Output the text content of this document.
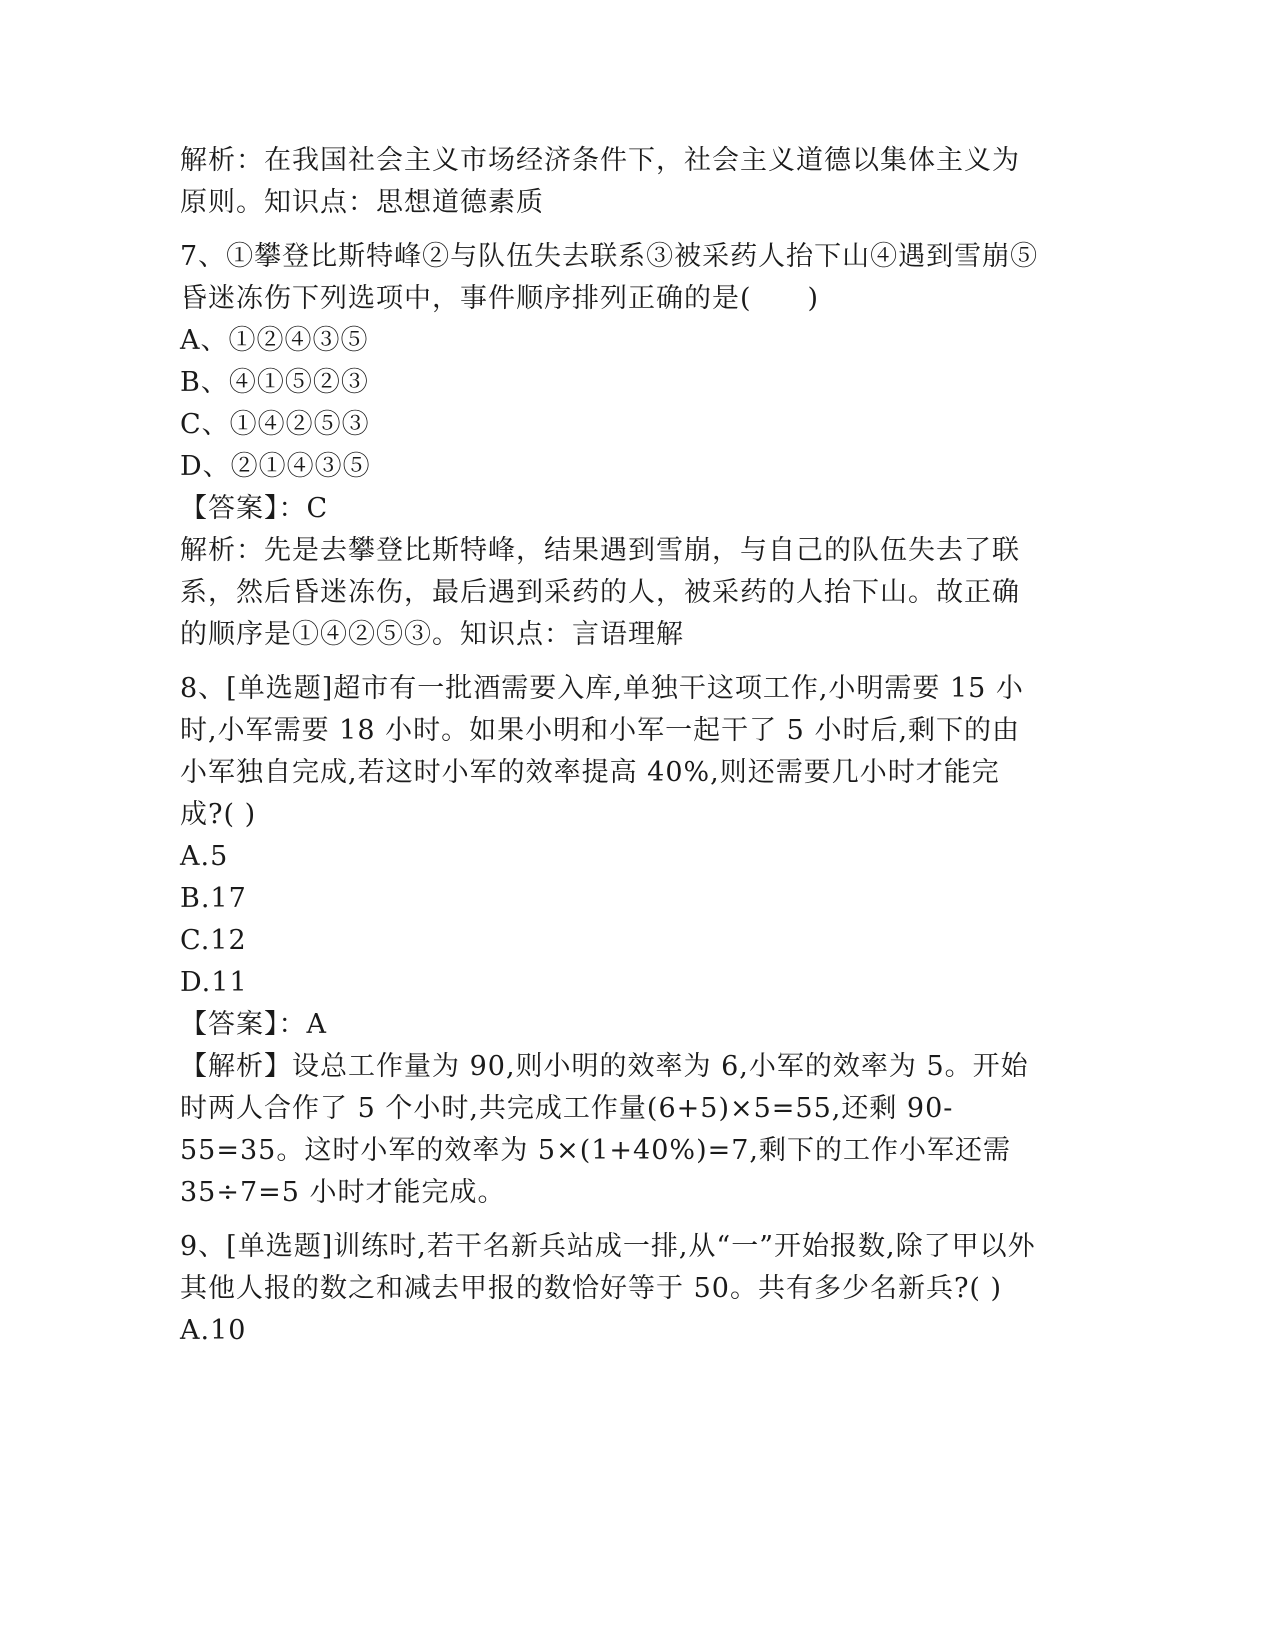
解析：在我国社会主义市场经济条件下，社会主义道德以集体主义为原则。知识点：思想道德素质

7、①攀登比斯特峰②与队伍失去联系③被采药人抬下山④遇到雪崩⑤昏迷冻伤下列选项中，事件顺序排列正确的是(　　)

A、①②④③⑤

B、④①⑤②③

C、①④②⑤③

D、②①④③⑤

【答案】：C

解析：先是去攀登比斯特峰，结果遇到雪崩，与自己的队伍失去了联系，然后昏迷冻伤，最后遇到采药的人，被采药的人抬下山。故正确的顺序是①④②⑤③。知识点：言语理解

8、[单选题]超市有一批酒需要入库,单独干这项工作,小明需要 15 小时,小军需要 18 小时。如果小明和小军一起干了 5 小时后,剩下的由小军独自完成,若这时小军的效率提高 40%,则还需要几小时才能完成?( )

A.5

B.17

C.12

D.11

【答案】：A

【解析】设总工作量为 90,则小明的效率为 6,小军的效率为 5。开始时两人合作了 5 个小时,共完成工作量(6+5)×5=55,还剩 90-55=35。这时小军的效率为 5×(1+40%)=7,剩下的工作小军还需 35÷7=5 小时才能完成。

9、[单选题]训练时,若干名新兵站成一排,从“一”开始报数,除了甲以外其他人报的数之和减去甲报的数恰好等于 50。共有多少名新兵?( )

A.10
